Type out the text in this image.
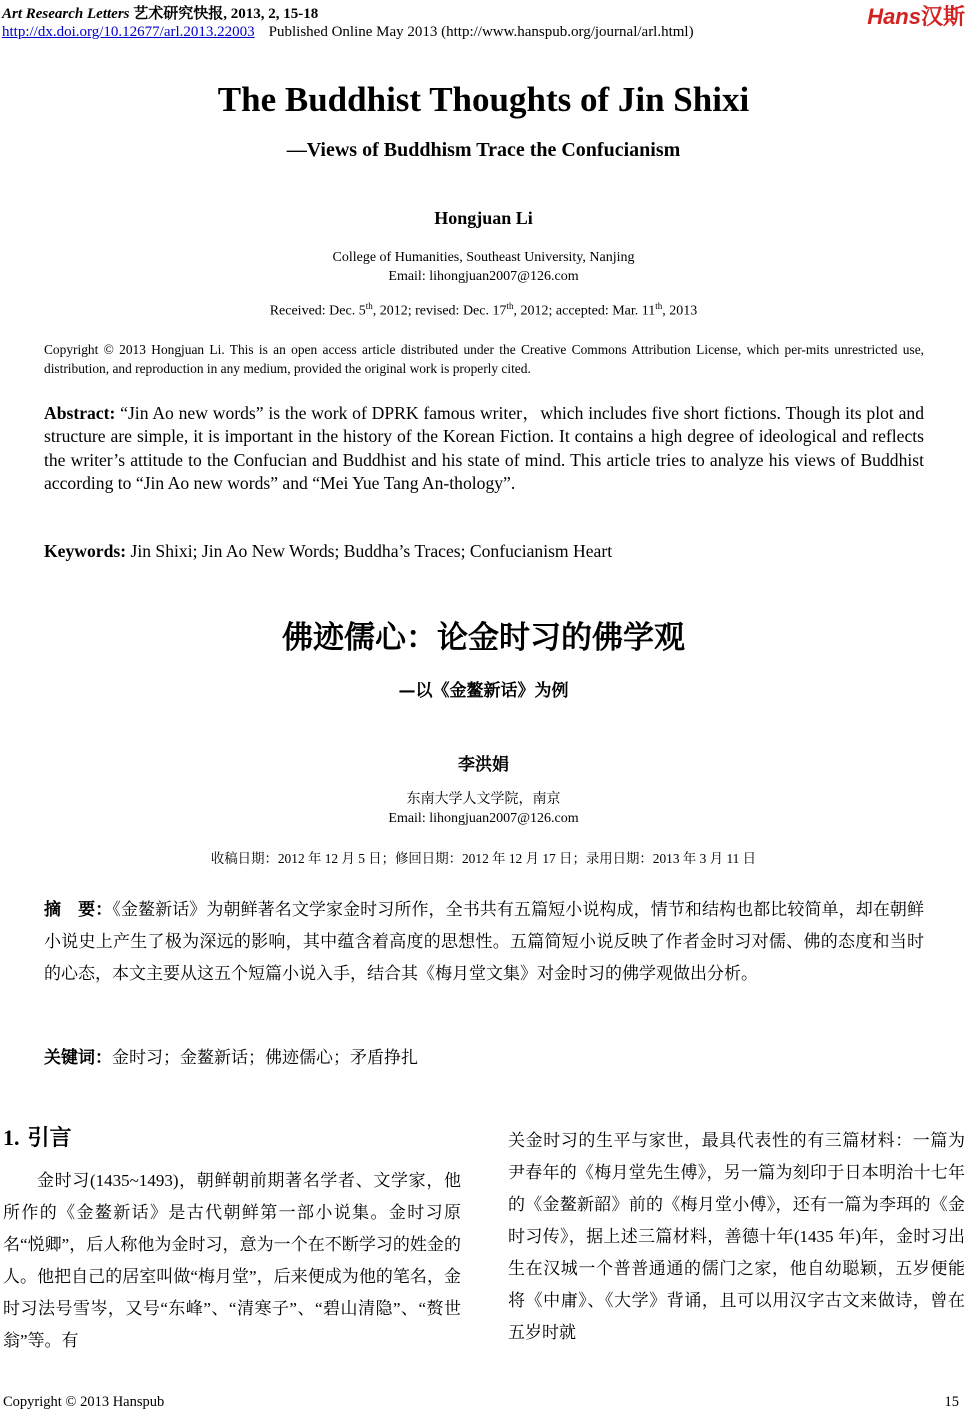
Art Research Letters 艺术研究快报, 2013, 2, 15-18
http://dx.doi.org/10.12677/arl.2013.22003 Published Online May 2013 (http://www.hanspub.org/journal/arl.html)
Hans汉斯
The Buddhist Thoughts of Jin Shixi
—Views of Buddhism Trace the Confucianism
Hongjuan Li
College of Humanities, Southeast University, Nanjing
Email: lihongjuan2007@126.com
Received: Dec. 5th, 2012; revised: Dec. 17th, 2012; accepted: Mar. 11th, 2013
Copyright © 2013 Hongjuan Li. This is an open access article distributed under the Creative Commons Attribution License, which per-mits unrestricted use, distribution, and reproduction in any medium, provided the original work is properly cited.
Abstract: “Jin Ao new words” is the work of DPRK famous writer，which includes five short fictions. Though its plot and structure are simple, it is important in the history of the Korean Fiction. It contains a high degree of ideological and reflects the writer’s attitude to the Confucian and Buddhist and his state of mind. This article tries to analyze his views of Buddhist according to “Jin Ao new words” and “Mei Yue Tang An-thology”.
Keywords: Jin Shixi; Jin Ao New Words; Buddha’s Traces; Confucianism Heart
佛迹儒心：论金时习的佛学观
—以《金鳌新话》为例
李洪娟
东南大学人文学院，南京
Email: lihongjuan2007@126.com
收稿日期：2012 年 12 月 5 日；修回日期：2012 年 12 月 17 日；录用日期：2013 年 3 月 11 日
摘　要：《金鳌新话》为朝鲜著名文学家金时习所作，全书共有五篇短小说构成，情节和结构也都比较简单，却在朝鲜小说史上产生了极为深远的影响，其中蕴含着高度的思想性。五篇简短小说反映了作者金时习对儒、佛的态度和当时的心态，本文主要从这五个短篇小说入手，结合其《梅月堂文集》对金时习的佛学观做出分析。
关键词：金时习；金鳌新话；佛迹儒心；矛盾挣扎
1. 引言
金时习(1435~1493)，朝鲜朝前期著名学者、文学家，他所作的《金鳌新话》是古代朝鲜第一部小说集。金时习原名“悦卿”，后人称他为金时习，意为一个在不断学习的姓金的人。他把自己的居室叫做“梅月堂”，后来便成为他的笔名，金时习法号雪岑，又号“东峰”、“清寒子”、“碧山清隐”、“赘世翁”等。有
关金时习的生平与家世，最具代表性的有三篇材料：一篇为尹春年的《梅月堂先生傅》，另一篇为刻印于日本明治十七年的《金鳌新韶》前的《梅月堂小傅》，还有一篇为李珥的《金时习传》，据上述三篇材料，善德十年(1435 年)年，金时习出生在汉城一个普普通通的儒门之家，他自幼聪颖，五岁便能将《中庸》、《大学》背诵，且可以用汉字古文来做诗，曾在五岁时就
Copyright © 2013 Hanspub	15
